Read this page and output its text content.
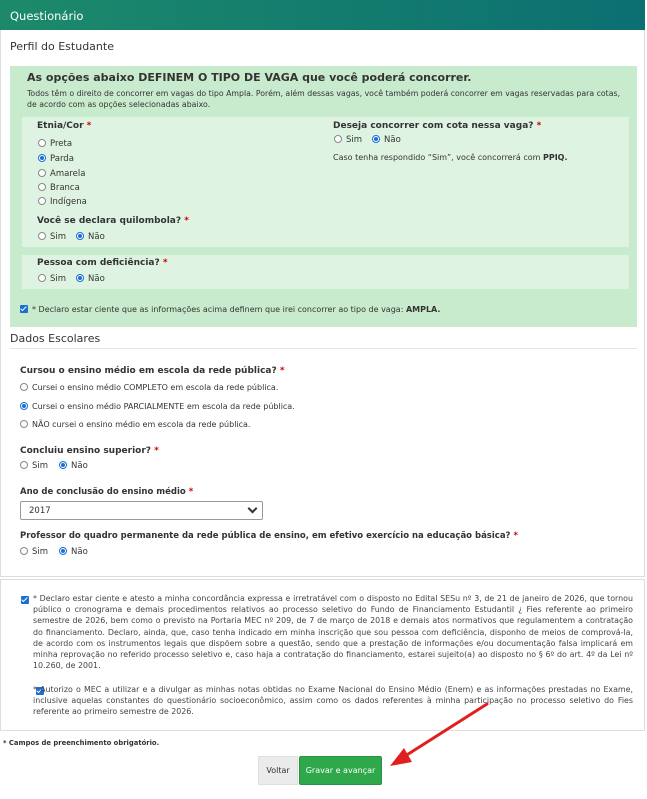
Questionário
Perfil do Estudante
As opções abaixo DEFINEM O TIPO DE VAGA que você poderá concorrer.
Todos têm o direito de concorrer em vagas do tipo Ampla. Porém, além dessas vagas, você também poderá concorrer em vagas reservadas para cotas, de acordo com as opções selecionadas abaixo.
Etnia/Cor *
Preta
Parda
Amarela
Branca
Indígena
Você se declara quilombola? *
Sim	Não
Deseja concorrer com cota nessa vaga? *
Sim	Não
Caso tenha respondido “Sim”, você concorrerá com PPIQ.
Pessoa com deficiência? *
Sim	Não
* Declaro estar ciente que as informações acima definem que irei concorrer ao tipo de vaga: AMPLA.
Dados Escolares
Cursou o ensino médio em escola da rede pública? *
Cursei o ensino médio COMPLETO em escola da rede pública.
Cursei o ensino médio PARCIALMENTE em escola da rede pública.
NÃO cursei o ensino médio em escola da rede pública.
Concluiu ensino superior? *
Sim	Não
Ano de conclusão do ensino médio *
2017
Professor do quadro permanente da rede pública de ensino, em efetivo exercício na educação básica? *
Sim	Não

* Declaro estar ciente e atesto a minha concordância expressa e irretratável com o disposto no Edital SESu nº 3, de 21 de janeiro de 2026, que tornou público o cronograma e demais procedimentos relativos ao processo seletivo do Fundo de Financiamento Estudantil ¿ Fies referente ao primeiro semestre de 2026, bem como o previsto na Portaria MEC nº 209, de 7 de março de 2018 e demais atos normativos que regulamentem a contratação do financiamento. Declaro, ainda, que, caso tenha indicado em minha inscrição que sou pessoa com deficiência, disponho de meios de comprová-la, de acordo com os instrumentos legais que dispõem sobre a questão, sendo que a prestação de informações e/ou documentação falsa implicará em minha reprovação no referido processo seletivo e, caso haja a contratação do financiamento, estarei sujeito(a) ao disposto no § 6º do art. 4º da Lei nº 10.260, de 2001.
* Autorizo o MEC a utilizar e a divulgar as minhas notas obtidas no Exame Nacional do Ensino Médio (Enem) e as informações prestadas no Exame, inclusive aquelas constantes do questionário socioeconômico, assim como os dados referentes à minha participação no processo seletivo do Fies referente ao primeiro semestre de 2026.
* Campos de preenchimento obrigatório.
Voltar	Gravar e avançar
